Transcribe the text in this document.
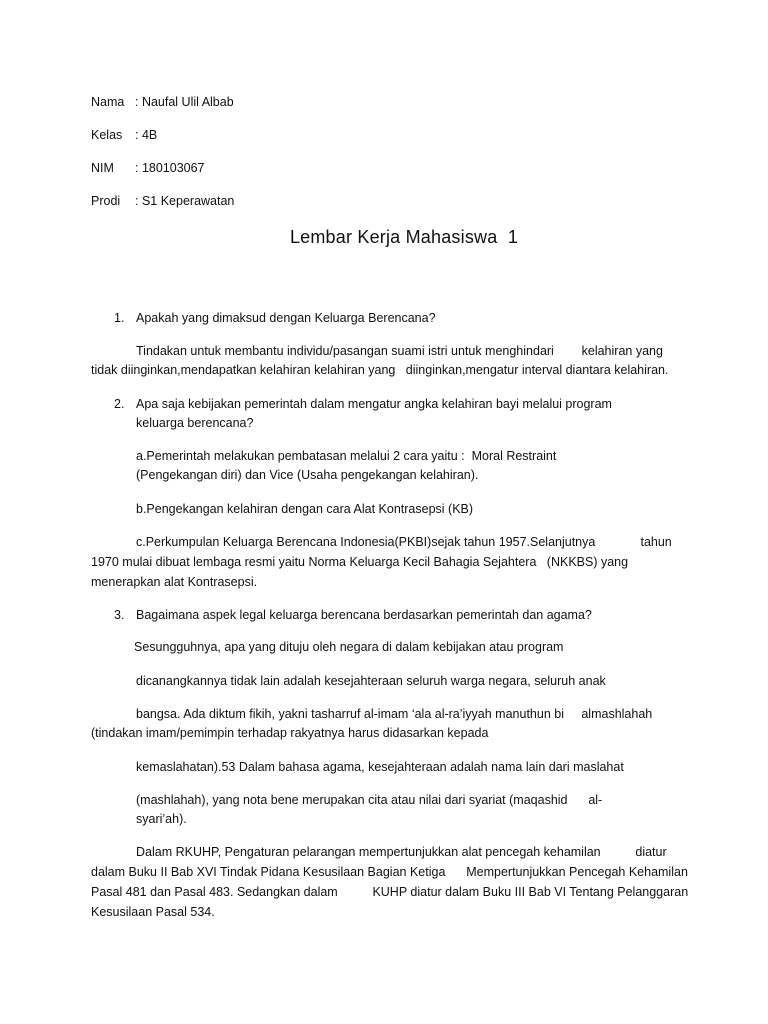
Nama : Naufal Ulil Albab
Kelas : 4B
NIM : 180103067
Prodi : S1 Keperawatan
Lembar Kerja Mahasiswa  1
1. Apakah yang dimaksud dengan Keluarga Berencana?
Tindakan untuk membantu individu/pasangan suami istri untuk menghindari        kelahiran yang
tidak diinginkan,mendapatkan kelahiran kelahiran yang   diinginkan,mengatur interval diantara kelahiran.
2. Apa saja kebijakan pemerintah dalam mengatur angka kelahiran bayi melalui program
keluarga berencana?
a.Pemerintah melakukan pembatasan melalui 2 cara yaitu :  Moral Restraint
(Pengekangan diri) dan Vice (Usaha pengekangan kelahiran).
b.Pengekangan kelahiran dengan cara Alat Kontrasepsi (KB)
c.Perkumpulan Keluarga Berencana Indonesia(PKBI)sejak tahun 1957.Selanjutnya             tahun
1970 mulai dibuat lembaga resmi yaitu Norma Keluarga Kecil Bahagia Sejahtera   (NKKBS) yang
menerapkan alat Kontrasepsi.
3. Bagaimana aspek legal keluarga berencana berdasarkan pemerintah dan agama?
Sesungguhnya, apa yang dituju oleh negara di dalam kebijakan atau program
dicanangkannya tidak lain adalah kesejahteraan seluruh warga negara, seluruh anak
bangsa. Ada diktum fikih, yakni tasharruf al-imam ‘ala al-ra’iyyah manuthun bi     almashlahah
(tindakan imam/pemimpin terhadap rakyatnya harus didasarkan kepada
kemaslahatan).53 Dalam bahasa agama, kesejahteraan adalah nama lain dari maslahat
(mashlahah), yang nota bene merupakan cita atau nilai dari syariat (maqashid      al-
syari’ah).
Dalam RKUHP, Pengaturan pelarangan mempertunjukkan alat pencegah kehamilan          diatur
dalam Buku II Bab XVI Tindak Pidana Kesusilaan Bagian Ketiga      Mempertunjukkan Pencegah Kehamilan
Pasal 481 dan Pasal 483. Sedangkan dalam          KUHP diatur dalam Buku III Bab VI Tentang Pelanggaran
Kesusilaan Pasal 534.
